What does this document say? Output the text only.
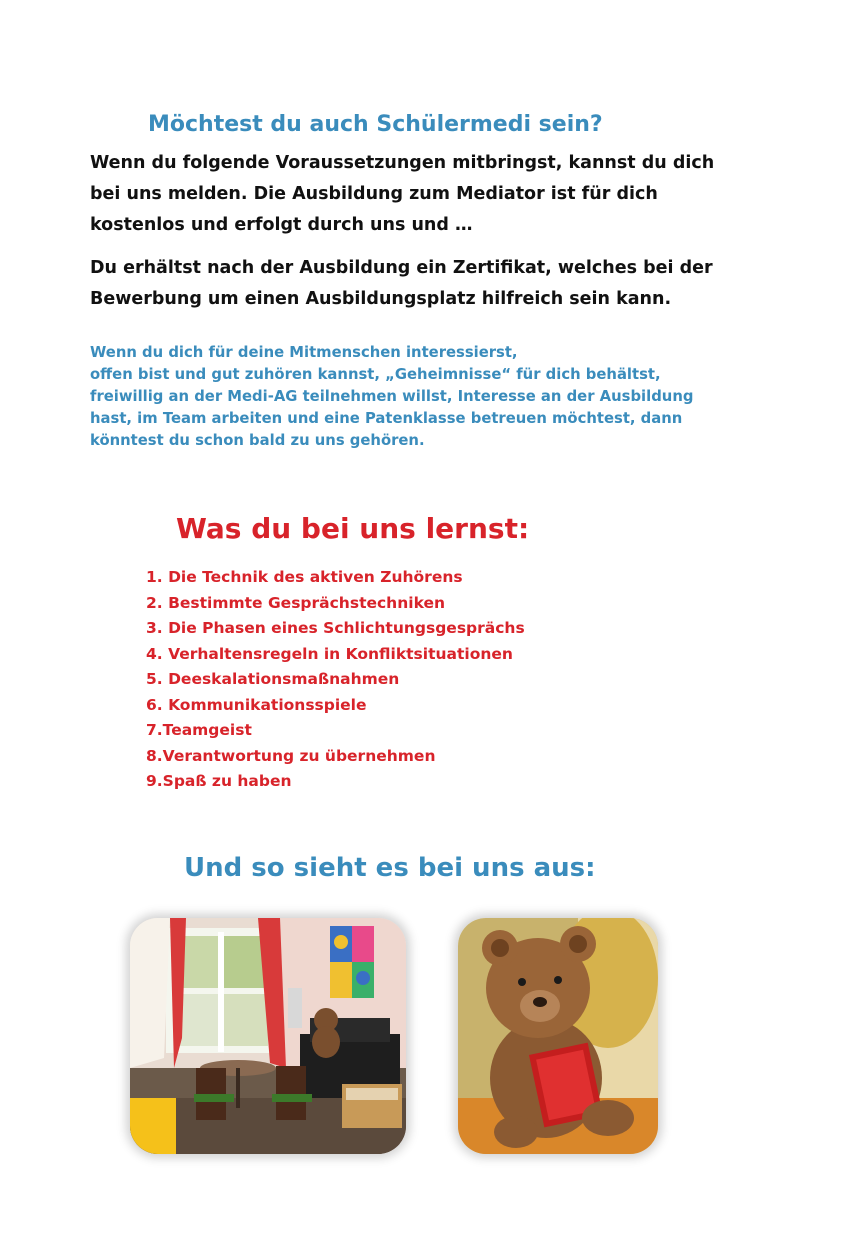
Möchtest du auch Schülermedi sein?

Wenn du folgende Voraussetzungen mitbringst, kannst du dich
bei uns melden. Die Ausbildung zum Mediator ist für dich
kostenlos und erfolgt durch uns und …

Du erhältst nach der Ausbildung ein Zertifikat, welches bei der
Bewerbung um einen Ausbildungsplatz hilfreich sein kann.

Wenn du dich für deine Mitmenschen interessierst,
offen bist und gut zuhören kannst, „Geheimnisse“ für dich behältst,
freiwillig an der Medi-AG teilnehmen willst, Interesse an der Ausbildung
hast, im Team arbeiten und eine Patenklasse betreuen möchtest, dann
könntest du schon bald zu uns gehören.

Was du bei uns lernst:
1. Die Technik des aktiven Zuhörens
2. Bestimmte Gesprächstechniken
3. Die Phasen eines Schlichtungsgesprächs
4. Verhaltensregeln in Konfliktsituationen
5. Deeskalationsmaßnahmen
6. Kommunikationsspiele
7.Teamgeist
8.Verantwortung zu übernehmen
9.Spaß zu haben
Und so sieht es bei uns aus:
